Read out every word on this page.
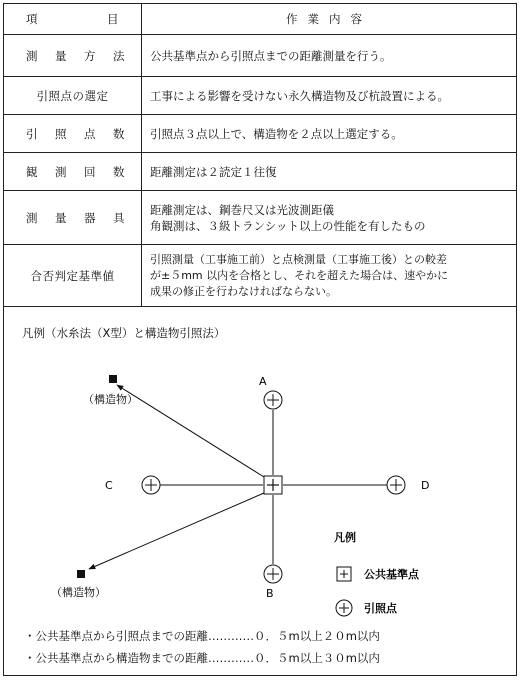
項 目	作業内容

測 量 方 法	公共基準点から引照点までの距離測量を行う。

引照点の選定	工事による影響を受けない永久構造物及び杭設置による。

引 照 点 数	引照点３点以上で、構造物を２点以上選定する。

観 測 回 数	距離測定は２読定１往復

測 量 器 具	距離測定は、鋼巻尺又は光波測距儀
角観測は、３級トランシット以上の性能を有したもの

合否判定基準値	引照測量（工事施工前）と点検測量（工事施工後）との較差
が±５mm 以内を合格とし、それを超えた場合は、速やかに
成果の修正を行わなければならない。
凡例（水糸法（X型）と構造物引照法）
（構造物）
（構造物）
A
B
C	D
凡例
公共基準点
引照点
・公共基準点から引照点までの距離…………０．５m以上２０m以内
・公共基準点から構造物までの距離…………０．５m以上３０m以内
